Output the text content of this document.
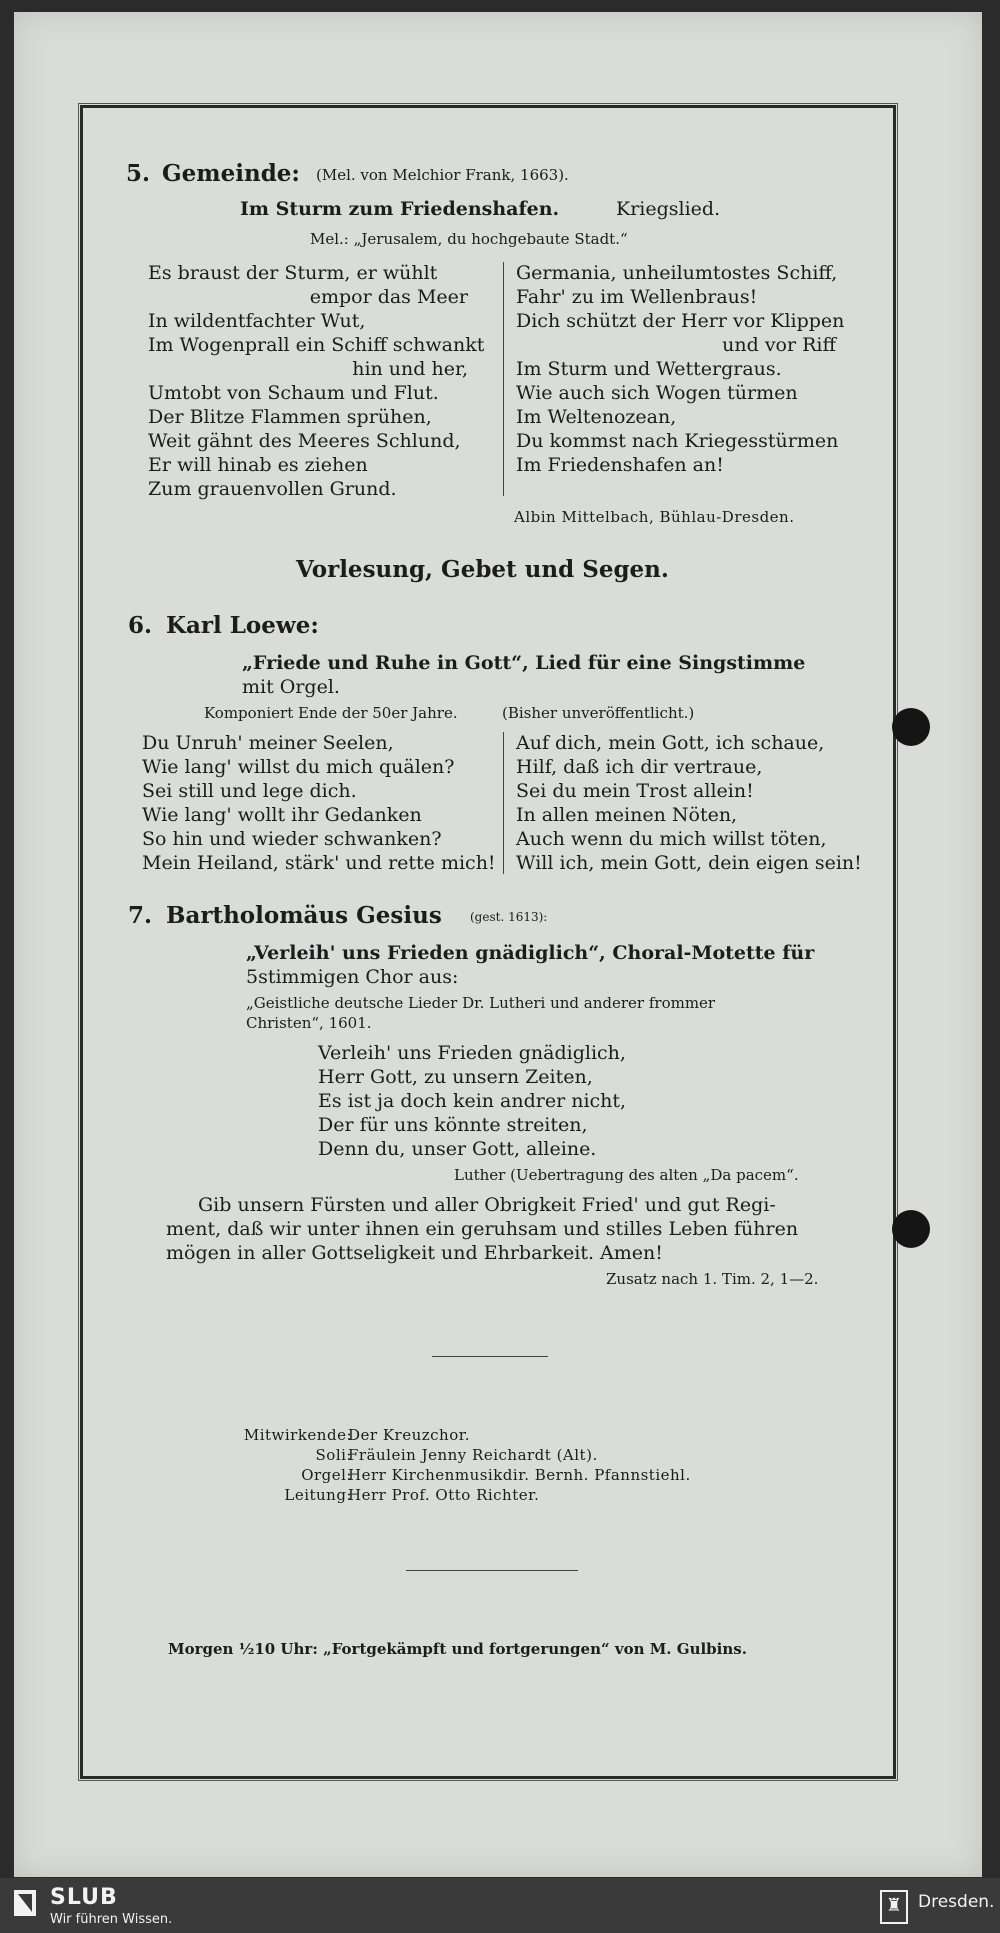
5. Gemeinde: (Mel. von Melchior Frank, 1663).
Im Sturm zum Friedenshafen.	Kriegslied.
Mel.: „Jerusalem, du hochgebaute Stadt.“
Es braust der Sturm, er wühlt
empor das Meer
In wildentfachter Wut,
Im Wogenprall ein Schiff schwankt
hin und her,
Umtobt von Schaum und Flut.
Der Blitze Flammen sprühen,
Weit gähnt des Meeres Schlund,
Er will hinab es ziehen
Zum grauenvollen Grund.
Germania, unheilumtostes Schiff,
Fahr' zu im Wellenbraus!
Dich schützt der Herr vor Klippen
und vor Riff
Im Sturm und Wettergraus.
Wie auch sich Wogen türmen
Im Weltenozean,
Du kommst nach Kriegesstürmen
Im Friedenshafen an!
Albin Mittelbach, Bühlau-Dresden.
Vorlesung, Gebet und Segen.
6. Karl Loewe:
„Friede und Ruhe in Gott“, Lied für eine Singstimme
mit Orgel.
Komponiert Ende der 50er Jahre.	(Bisher unveröffentlicht.)
Du Unruh' meiner Seelen,
Wie lang' willst du mich quälen?
Sei still und lege dich.
Wie lang' wollt ihr Gedanken
So hin und wieder schwanken?
Mein Heiland, stärk' und rette mich!
Auf dich, mein Gott, ich schaue,
Hilf, daß ich dir vertraue,
Sei du mein Trost allein!
In allen meinen Nöten,
Auch wenn du mich willst töten,
Will ich, mein Gott, dein eigen sein!
7. Bartholomäus Gesius (gest. 1613):
„Verleih' uns Frieden gnädiglich“, Choral-Motette für
5stimmigen Chor aus:
„Geistliche deutsche Lieder Dr. Lutheri und anderer frommer
Christen“, 1601.
Verleih' uns Frieden gnädiglich,
Herr Gott, zu unsern Zeiten,
Es ist ja doch kein andrer nicht,
Der für uns könnte streiten,
Denn du, unser Gott, alleine.
Luther (Uebertragung des alten „Da pacem“.
Gib unsern Fürsten und aller Obrigkeit Fried' und gut Regi-
ment, daß wir unter ihnen ein geruhsam und stilles Leben führen
mögen in aller Gottseligkeit und Ehrbarkeit. Amen!
Zusatz nach 1. Tim. 2, 1—2.
Mitwirkende:
Der Kreuzchor.
Soli:
Fräulein Jenny Reichardt (Alt).
Orgel:
Herr Kirchenmusikdir. Bernh. Pfannstiehl.
Leitung:
Herr Prof. Otto Richter.
Morgen ½10 Uhr: „Fortgekämpft und fortgerungen“ von M. Gulbins.
SLUB
Wir führen Wissen.
♜ Dresden.
